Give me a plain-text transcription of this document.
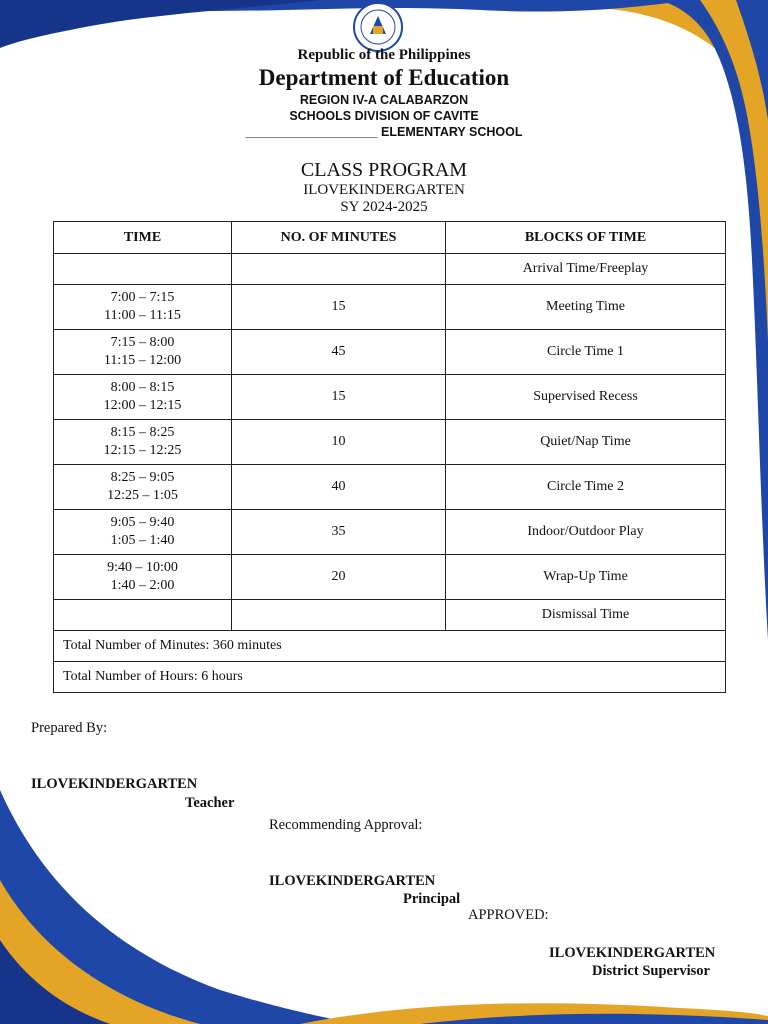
Republic of the Philippines
Department of Education
REGION IV-A CALABARZON
SCHOOLS DIVISION OF CAVITE
___________________ ELEMENTARY SCHOOL
CLASS PROGRAM
ILOVEKINDERGARTEN
SY 2024-2025
TIME	NO. OF MINUTES	BLOCKS OF TIME
		Arrival Time/Freeplay

7:00 – 7:15
11:00 – 11:15	15	Meeting Time

7:15 – 8:00
11:15 – 12:00	45	Circle Time 1

8:00 – 8:15
12:00 – 12:15	15	Supervised Recess

8:15 – 8:25
12:15 – 12:25	10	Quiet/Nap Time

8:25 – 9:05
12:25 – 1:05	40	Circle Time 2

9:05 – 9:40
1:05 – 1:40	35	Indoor/Outdoor Play

9:40 – 10:00
1:40 – 2:00	20	Wrap-Up Time
		Dismissal Time
Total Number of Minutes: 360 minutes		
Total Number of Hours: 6 hours		
Prepared By:
ILOVEKINDERGARTEN
Teacher
Recommending Approval:
ILOVEKINDERGARTEN
Principal
APPROVED:
ILOVEKINDERGARTEN
District Supervisor
